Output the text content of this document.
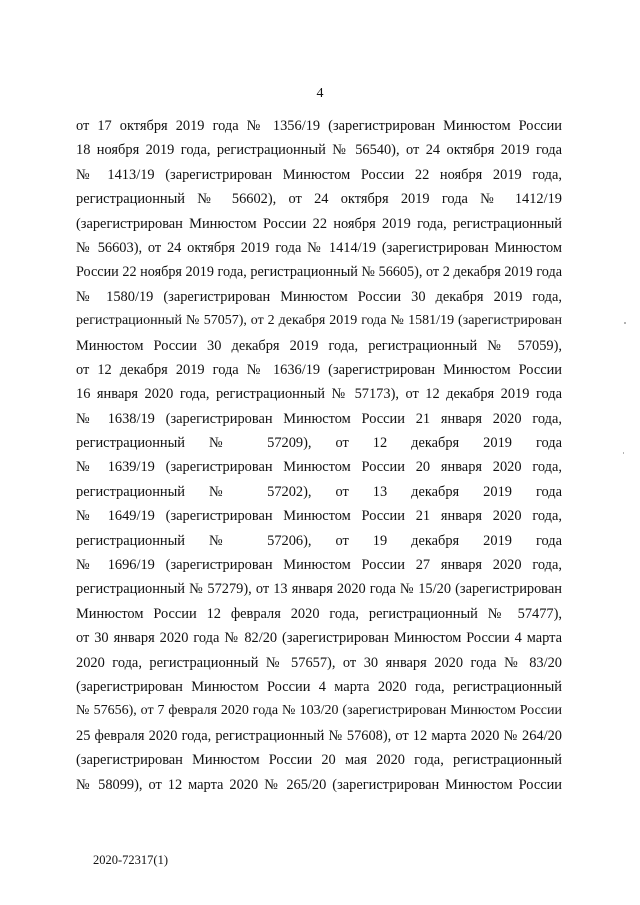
4
от 17 октября 2019 года № 1356/19 (зарегистрирован Минюстом России
18 ноября 2019 года, регистрационный № 56540), от 24 октября 2019 года
№ 1413/19 (зарегистрирован Минюстом России 22 ноября 2019 года,
регистрационный № 56602), от 24 октября 2019 года № 1412/19
(зарегистрирован Минюстом России 22 ноября 2019 года, регистрационный
№ 56603), от 24 октября 2019 года № 1414/19 (зарегистрирован Минюстом
России 22 ноября 2019 года, регистрационный № 56605), от 2 декабря 2019 года
№ 1580/19 (зарегистрирован Минюстом России 30 декабря 2019 года,
регистрационный № 57057), от 2 декабря 2019 года № 1581/19 (зарегистрирован
Минюстом России 30 декабря 2019 года, регистрационный № 57059),
от 12 декабря 2019 года № 1636/19 (зарегистрирован Минюстом России
16 января 2020 года, регистрационный № 57173), от 12 декабря 2019 года
№ 1638/19 (зарегистрирован Минюстом России 21 января 2020 года,
регистрационный № 57209), от 12 декабря 2019 года
№ 1639/19 (зарегистрирован Минюстом России 20 января 2020 года,
регистрационный № 57202), от 13 декабря 2019 года
№ 1649/19 (зарегистрирован Минюстом России 21 января 2020 года,
регистрационный № 57206), от 19 декабря 2019 года
№ 1696/19 (зарегистрирован Минюстом России 27 января 2020 года,
регистрационный № 57279), от 13 января 2020 года № 15/20 (зарегистрирован
Минюстом России 12 февраля 2020 года, регистрационный № 57477),
от 30 января 2020 года № 82/20 (зарегистрирован Минюстом России 4 марта
2020 года, регистрационный № 57657), от 30 января 2020 года № 83/20
(зарегистрирован Минюстом России 4 марта 2020 года, регистрационный
№ 57656), от 7 февраля 2020 года № 103/20 (зарегистрирован Минюстом России
25 февраля 2020 года, регистрационный № 57608), от 12 марта 2020 № 264/20
(зарегистрирован Минюстом России 20 мая 2020 года, регистрационный
№ 58099), от 12 марта 2020 № 265/20 (зарегистрирован Минюстом России
2020-72317(1)
